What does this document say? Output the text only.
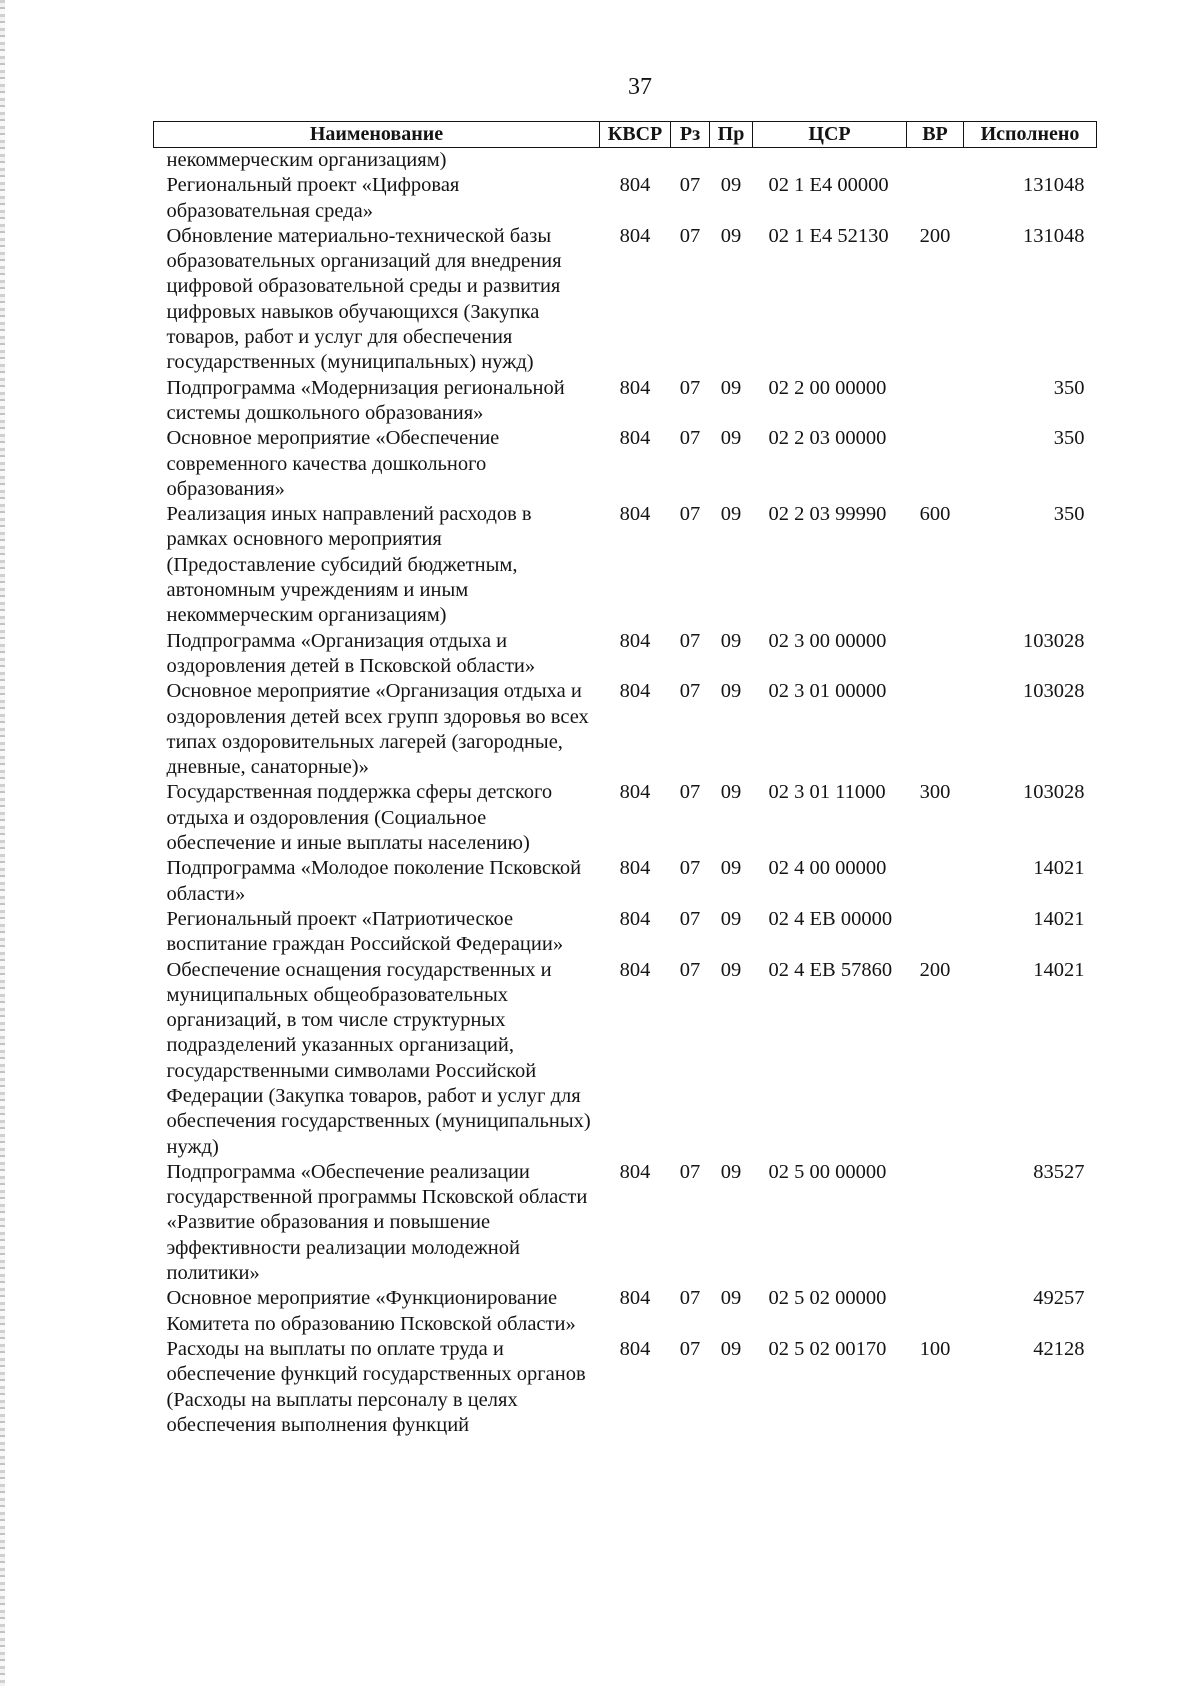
37
Наименование	КВСР	Рз	Пр	ЦСР	ВР	Исполнено
некоммерческим организациям)						
Региональный проект «Цифровая образовательная среда»	804	07	09	02 1 E4 00000		131048
Обновление материально-технической базы образовательных организаций для внедрения цифровой образовательной среды и развития цифровых навыков обучающихся (Закупка товаров, работ и услуг для обеспечения государственных (муниципальных) нужд)	804	07	09	02 1 E4 52130	200	131048
Подпрограмма «Модернизация региональной системы дошкольного образования»	804	07	09	02 2 00 00000		350
Основное мероприятие «Обеспечение современного качества дошкольного образования»	804	07	09	02 2 03 00000		350
Реализация иных направлений расходов в рамках основного мероприятия (Предоставление субсидий бюджетным, автономным учреждениям и иным некоммерческим организациям)	804	07	09	02 2 03 99990	600	350
Подпрограмма «Организация отдыха и оздоровления детей в Псковской области»	804	07	09	02 3 00 00000		103028
Основное мероприятие «Организация отдыха и оздоровления детей всех групп здоровья во всех типах оздоровительных лагерей (загородные, дневные, санаторные)»	804	07	09	02 3 01 00000		103028
Государственная поддержка сферы детского отдыха и оздоровления (Социальное обеспечение и иные выплаты населению)	804	07	09	02 3 01 11000	300	103028
Подпрограмма «Молодое поколение Псковской области»	804	07	09	02 4 00 00000		14021
Региональный проект «Патриотическое воспитание граждан Российской Федерации»	804	07	09	02 4 EB 00000		14021
Обеспечение оснащения государственных и муниципальных общеобразовательных организаций, в том числе структурных подразделений указанных организаций, государственными символами Российской Федерации (Закупка товаров, работ и услуг для обеспечения государственных (муниципальных) нужд)	804	07	09	02 4 EB 57860	200	14021
Подпрограмма «Обеспечение реализации государственной программы Псковской области «Развитие образования и повышение эффективности реализации молодежной политики»	804	07	09	02 5 00 00000		83527
Основное мероприятие «Функционирование Комитета по образованию Псковской области»	804	07	09	02 5 02 00000		49257
Расходы на выплаты по оплате труда и обеспечение функций государственных органов (Расходы на выплаты персоналу в целях обеспечения выполнения функций	804	07	09	02 5 02 00170	100	42128
